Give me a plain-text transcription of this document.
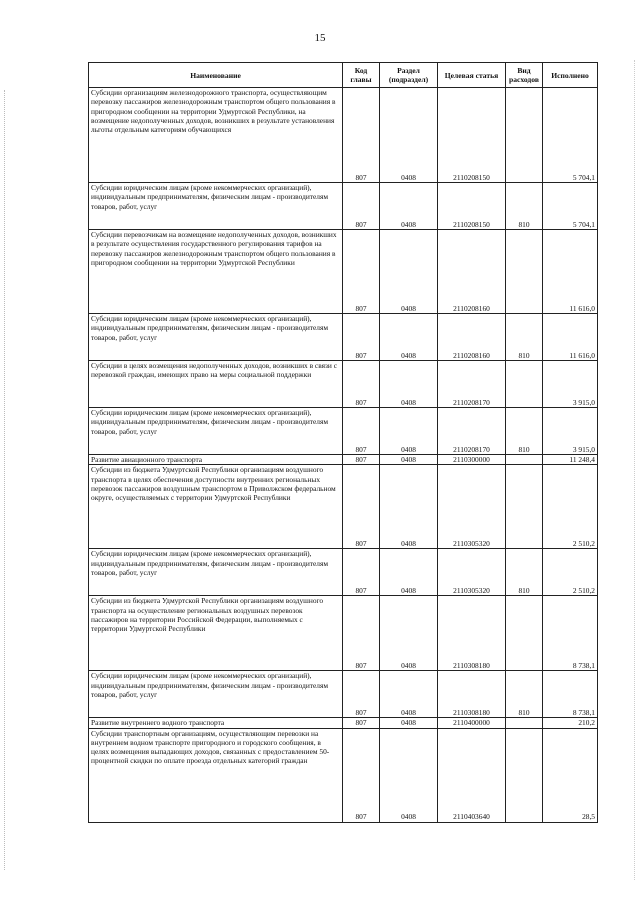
15
Наименование	Код главы	Раздел (подраздел)	Целевая статья	Вид расходов	Исполнено
Субсидии организациям железнодорожного транспорта, осуществляющим перевозку пассажиров железнодорожным транспортом общего пользования в пригородном сообщении на территории Удмуртской Республики, на возмещение недополученных доходов, возникших в результате установления льготы отдельным категориям обучающихся	807	0408	2110208150		5 704,1
Субсидии юридическим лицам (кроме некоммерческих организаций), индивидуальным предпринимателям, физическим лицам - производителям товаров, работ, услуг	807	0408	2110208150	810	5 704,1
Субсидии перевозчикам на возмещение недополученных доходов, возникших в результате осуществления государственного регулирования тарифов на перевозку пассажиров железнодорожным транспортом общего пользования в пригородном сообщении на территории Удмуртской Республики	807	0408	2110208160		11 616,0
Субсидии юридическим лицам (кроме некоммерческих организаций), индивидуальным предпринимателям, физическим лицам - производителям товаров, работ, услуг	807	0408	2110208160	810	11 616,0
Субсидии в целях возмещения недополученных доходов, возникших в связи с перевозкой граждан, имеющих право на меры социальной поддержки	807	0408	2110208170		3 915,0
Субсидии юридическим лицам (кроме некоммерческих организаций), индивидуальным предпринимателям, физическим лицам - производителям товаров, работ, услуг	807	0408	2110208170	810	3 915,0
Развитие авиационного транспорта	807	0408	2110300000		11 248,4
Субсидии из бюджета Удмуртской Республики организациям воздушного транспорта в целях обеспечения доступности внутренних региональных перевозок пассажиров воздушным транспортом в Приволжском федеральном округе, осуществляемых с территории Удмуртской Республики	807	0408	2110305320		2 510,2
Субсидии юридическим лицам (кроме некоммерческих организаций), индивидуальным предпринимателям, физическим лицам - производителям товаров, работ, услуг	807	0408	2110305320	810	2 510,2
Субсидии из бюджета Удмуртской Республики организациям воздушного транспорта на осуществление региональных воздушных перевозок пассажиров на территории Российской Федерации, выполняемых с территории Удмуртской Республики	807	0408	2110308180		8 738,1
Субсидии юридическим лицам (кроме некоммерческих организаций), индивидуальным предпринимателям, физическим лицам - производителям товаров, работ, услуг	807	0408	2110308180	810	8 738,1
Развитие внутреннего водного транспорта	807	0408	2110400000		210,2
Субсидии транспортным организациям, осуществляющим перевозки на внутреннем водном транспорте пригородного и городского сообщения, в целях возмещения выпадающих доходов, связанных с предоставлением 50-процентной скидки по оплате проезда отдельных категорий граждан	807	0408	2110403640		28,5
